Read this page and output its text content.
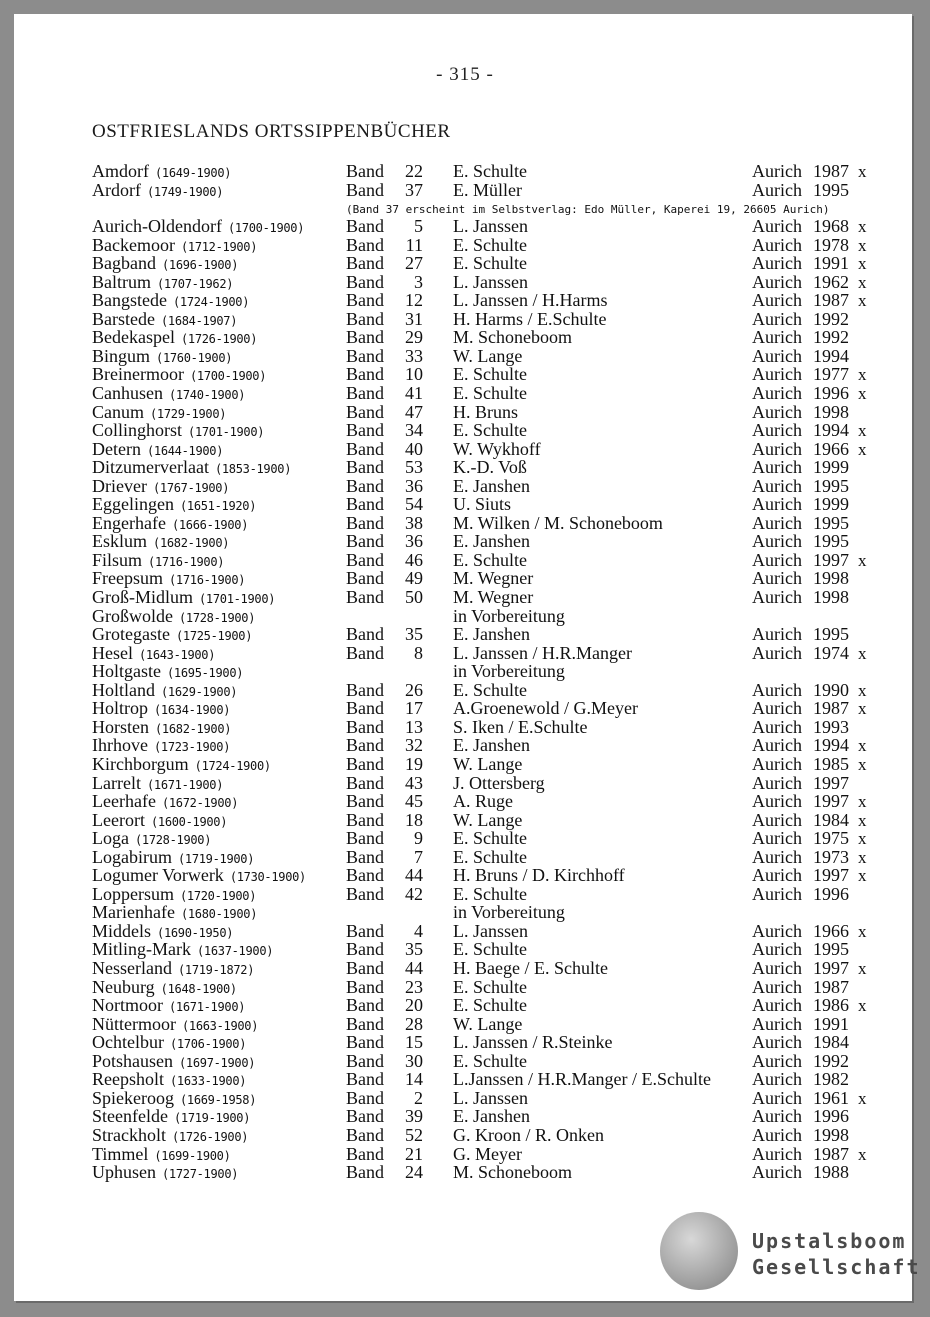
- 315 -
OSTFRIESLANDS ORTSSIPPENBÜCHER
(Band 37 erscheint im Selbstverlag: Edo Müller, Kaperei 19, 26605 Aurich)
Amdorf (1649-1900)	Band	22 E. Schulte	Aurich 1987 x
Ardorf (1749-1900)	Band	37 E. Müller	Aurich 1995
Aurich-Oldendorf (1700-1900) Band	5 L. Janssen	Aurich 1968 x
Backemoor (1712-1900)	Band	11 E. Schulte	Aurich 1978 x
Bagband (1696-1900)	Band	27 E. Schulte	Aurich 1991 x
Baltrum (1707-1962)	Band	3 L. Janssen	Aurich 1962 x
Bangstede (1724-1900)	Band	12 L. Janssen / H.Harms	Aurich 1987 x
Barstede (1684-1907)	Band	31 H. Harms / E.Schulte	Aurich 1992
Bedekaspel (1726-1900)	Band	29 M. Schoneboom	Aurich 1992
Bingum (1760-1900)	Band	33 W. Lange	Aurich 1994
Breinermoor (1700-1900)	Band	10 E. Schulte	Aurich 1977 x
Canhusen (1740-1900)	Band	41 E. Schulte	Aurich 1996 x
Canum (1729-1900)	Band	47 H. Bruns	Aurich 1998
Collinghorst (1701-1900)	Band	34 E. Schulte	Aurich 1994 x
Detern (1644-1900)	Band	40 W. Wykhoff	Aurich 1966 x
Ditzumerverlaat (1853-1900)	Band	53 K.-D. Voß	Aurich 1999
Driever (1767-1900)	Band	36 E. Janshen	Aurich 1995
Eggelingen (1651-1920)	Band	54 U. Siuts	Aurich 1999
Engerhafe (1666-1900)	Band	38 M. Wilken / M. Schoneboom	Aurich 1995
Esklum (1682-1900)	Band	36 E. Janshen	Aurich 1995
Filsum (1716-1900)	Band	46 E. Schulte	Aurich 1997 x
Freepsum (1716-1900)	Band	49 M. Wegner	Aurich 1998
Groß-Midlum (1701-1900)	Band	50 M. Wegner	Aurich 1998
Großwolde (1728-1900)	in Vorbereitung
Grotegaste (1725-1900)	Band	35 E. Janshen	Aurich 1995
Hesel (1643-1900)	Band	8 L. Janssen / H.R.Manger	Aurich 1974 x
Holtgaste (1695-1900)	in Vorbereitung
Holtland (1629-1900)	Band	26 E. Schulte	Aurich 1990 x
Holtrop (1634-1900)	Band	17 A.Groenewold / G.Meyer	Aurich 1987 x
Horsten (1682-1900)	Band	13 S. Iken / E.Schulte	Aurich 1993
Ihrhove (1723-1900)	Band	32 E. Janshen	Aurich 1994 x
Kirchborgum (1724-1900)	Band	19 W. Lange	Aurich 1985 x
Larrelt (1671-1900)	Band	43 J. Ottersberg	Aurich 1997
Leerhafe (1672-1900)	Band	45 A. Ruge	Aurich 1997 x
Leerort (1600-1900)	Band	18 W. Lange	Aurich 1984 x
Loga (1728-1900)	Band	9 E. Schulte	Aurich 1975 x
Logabirum (1719-1900)	Band	7 E. Schulte	Aurich 1973 x
Logumer Vorwerk (1730-1900) Band	44 H. Bruns / D. Kirchhoff	Aurich 1997 x
Loppersum (1720-1900)	Band	42 E. Schulte	Aurich 1996
Marienhafe (1680-1900)	in Vorbereitung
Middels (1690-1950)	Band	4 L. Janssen	Aurich 1966 x
Mitling-Mark (1637-1900)	Band	35 E. Schulte	Aurich 1995
Nesserland (1719-1872)	Band	44 H. Baege / E. Schulte	Aurich 1997 x
Neuburg (1648-1900)	Band	23 E. Schulte	Aurich 1987
Nortmoor (1671-1900)	Band	20 E. Schulte	Aurich 1986 x
Nüttermoor (1663-1900)	Band	28 W. Lange	Aurich 1991
Ochtelbur (1706-1900)	Band	15 L. Janssen / R.Steinke	Aurich 1984
Potshausen (1697-1900)	Band	30 E. Schulte	Aurich 1992
Reepsholt (1633-1900)	Band	14 L.Janssen / H.R.Manger / E.Schulte Aurich 1982
Spiekeroog (1669-1958)	Band	2 L. Janssen	Aurich 1961 x
Steenfelde (1719-1900)	Band	39 E. Janshen	Aurich 1996
Strackholt (1726-1900)	Band	52 G. Kroon / R. Onken	Aurich 1998
Timmel (1699-1900)	Band	21 G. Meyer	Aurich 1987 x
Uphusen (1727-1900)	Band	24 M. Schoneboom	Aurich 1988
Upstalsboom
Gesellschaft
